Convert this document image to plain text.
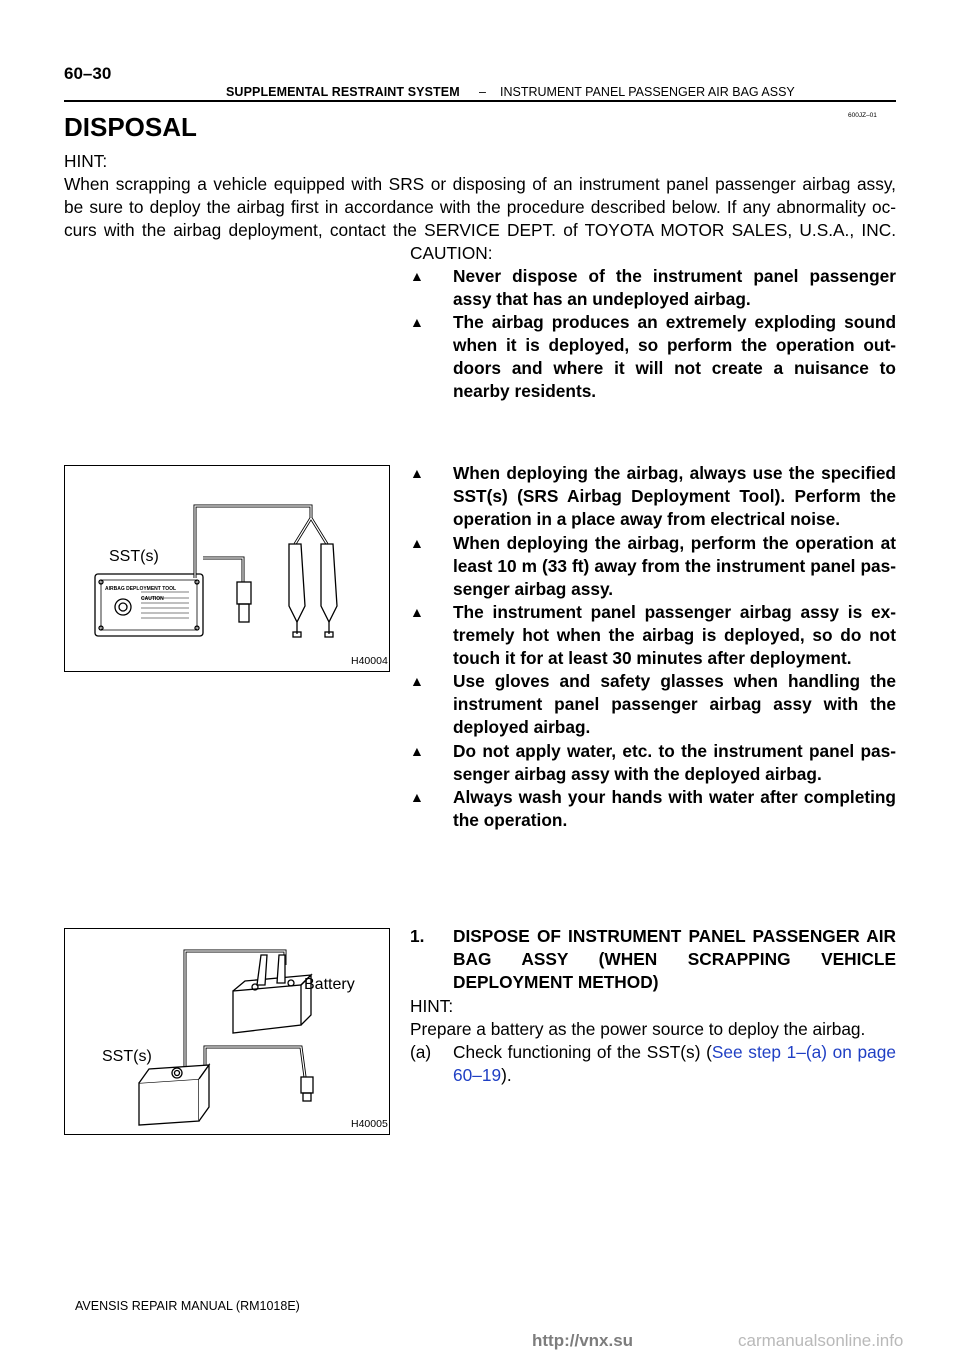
60–30
SUPPLEMENTAL RESTRAINT SYSTEM – INSTRUMENT PANEL PASSENGER AIR BAG ASSY
600JZ–01
DISPOSAL
HINT:
When scrapping a vehicle equipped with SRS or disposing of an instrument panel passenger airbag assy,
be sure to deploy the airbag first in accordance with the procedure described below. If any abnormality oc-
curs with the airbag deployment, contact the SERVICE DEPT. of TOYOTA MOTOR SALES, U.S.A., INC.
CAUTION:
▲ Never dispose of the instrument panel passenger
assy that has an undeployed airbag.
▲ The airbag produces an extremely exploding sound
when it is deployed, so perform the operation out-
doors and where it will not create a nuisance to
nearby residents.
▲ When deploying the airbag, always use the specified
SST(s) (SRS Airbag Deployment Tool). Perform the
operation in a place away from electrical noise.
▲ When deploying the airbag, perform the operation at
least 10 m (33 ft) away from the instrument panel pas-
senger airbag assy.
▲ The instrument panel passenger airbag assy is ex-
tremely hot when the airbag is deployed, so do not
touch it for at least 30 minutes after deployment.
▲ Use gloves and safety glasses when handling the
instrument panel passenger airbag assy with the
deployed airbag.
▲ Do not apply water, etc. to the instrument panel pas-
senger airbag assy with the deployed airbag.
▲ Always wash your hands with water after completing
the operation.
AIRBAG DEPLOYMENT TOOL
CAUTION
SST(s)
H40004
Battery
SST(s)
H40005
1. DISPOSE OF INSTRUMENT PANEL PASSENGER AIR
BAG ASSY (WHEN SCRAPPING VEHICLE
DEPLOYMENT METHOD)
HINT:
Prepare a battery as the power source to deploy the airbag.
(a) Check functioning of the SST(s) (See step 1–(a) on page
60–19).
AVENSIS REPAIR MANUAL (RM1018E)
http://vnx.su	carmanualsonline.info
